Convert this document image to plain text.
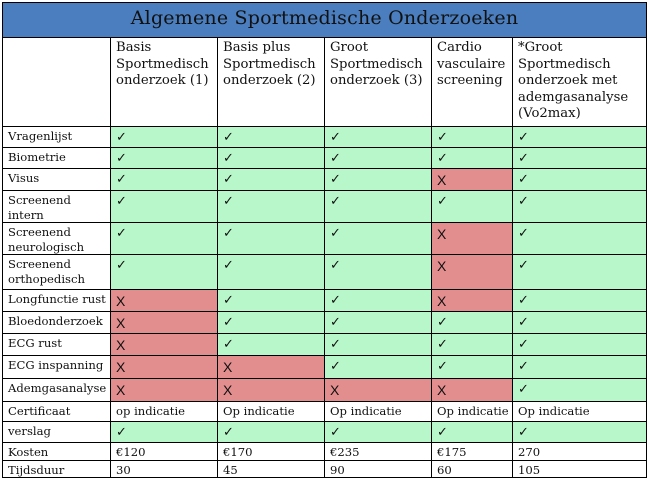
Algemene Sportmedische Onderzoeken					
	Basis Sportmedisch onderzoek (1)	Basis plus Sportmedisch onderzoek (2)	Groot Sportmedisch onderzoek (3)	Cardio vasculaire screening	*Groot Sportmedisch onderzoek met ademgasanalyse (Vo2max)
Vragenlijst	✓	✓	✓	✓	✓
Biometrie	✓	✓	✓	✓	✓
Visus	✓	✓	✓	X	✓
Screenend intern	✓	✓	✓	✓	✓
Screenend neurologisch	✓	✓	✓	X	✓
Screenend orthopedisch	✓	✓	✓	X	✓
Longfunctie rust	X	✓	✓	X	✓
Bloedonderzoek	X	✓	✓	✓	✓
ECG rust	X	✓	✓	✓	✓
ECG inspanning	X	X	✓	✓	✓
Ademgasanalyse	X	X	X	X	✓
Certificaat	op indicatie	Op indicatie	Op indicatie	Op indicatie	Op indicatie
verslag	✓	✓	✓	✓	✓
Kosten	€120	€170	€235	€175	270
Tijdsduur	30	45	90	60	105
